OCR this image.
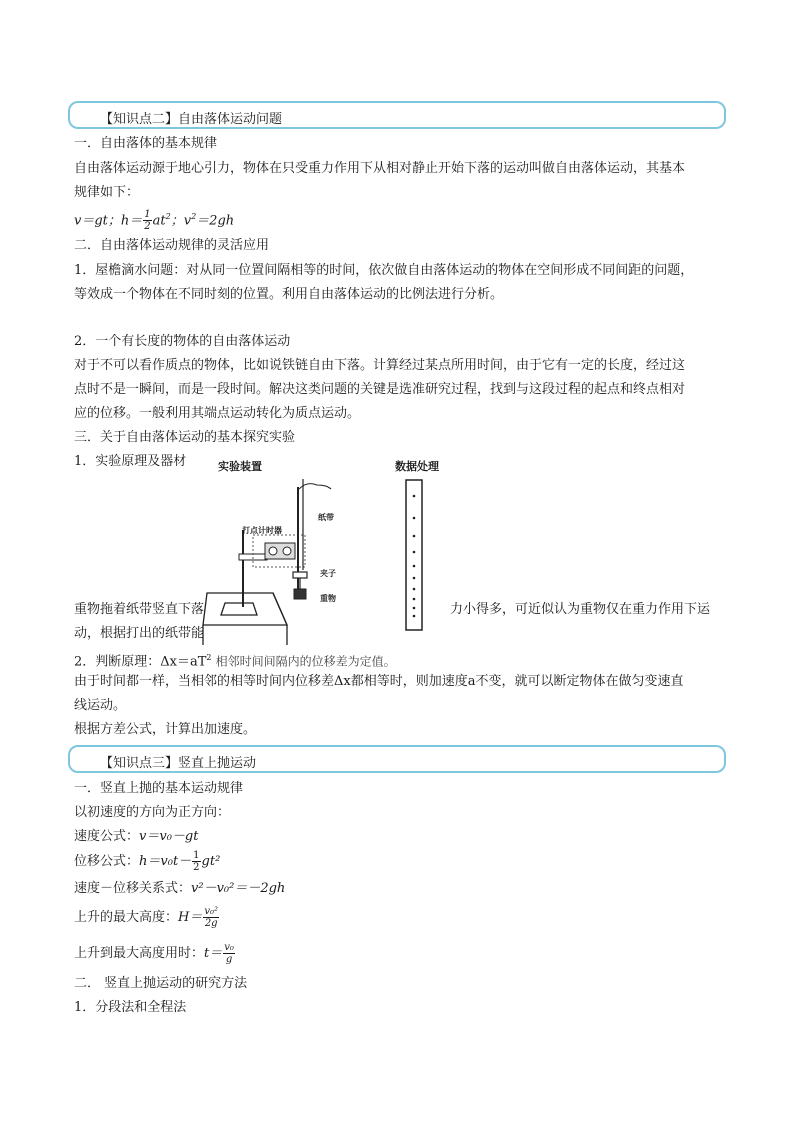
【知识点二】自由落体运动问题
一．自由落体的基本规律
自由落体运动源于地心引力，物体在只受重力作用下从相对静止开始下落的运动叫做自由落体运动，其基本
规律如下：
v＝gt；$h= \frac{1}{2} at^2$；$v^2=2gh$
二．自由落体运动规律的灵活应用
1．屋檐滴水问题：对从同一位置间隔相等的时间，依次做自由落体运动的物体在空间形成不同间距的问题，
等效成一个物体在不同时刻的位置。利用自由落体运动的比例法进行分析。
2．一个有长度的物体的自由落体运动
对于不可以看作质点的物体，比如说铁链自由下落。计算经过某点所用时间，由于它有一定的长度，经过这
点时不是一瞬间，而是一段时间。解决这类问题的关键是选准研究过程，找到与这段过程的起点和终点相对
应的位移。一般利用其端点运动转化为质点运动。
三．关于自由落体运动的基本探究实验
1．实验原理及器材	实验装置	数据处理
打点计时器
纸带
夹子
重物
重物拖着纸带竖直下落	力小得多，可近似认为重物仅在重力作用下运
动，根据打出的纸带能
2．判断原理：$\Delta x=aT^2$ 相邻时间间隔内的位移差为定值。
由于时间都一样，当相邻的相等时间内位移差Δx都相等时，则加速度a不变，就可以断定物体在做匀变速直
线运动。
根据方差公式，计算出加速度。
【知识点三】竖直上抛运动
一．竖直上抛的基本运动规律
以初速度的方向为正方向：
速度公式：v＝v₀－gt
位移公式：$h=v_0t- \frac{1}{2} gt^2$
速度－位移关系式：v²－v₀²＝－2gh
上升的最大高度：$H= \frac{\text{v₀²}}{2g}$
上升到最大高度用时：$t= \frac{\text{v₀}}{g}$
二． 竖直上抛运动的研究方法
1．分段法和全程法
